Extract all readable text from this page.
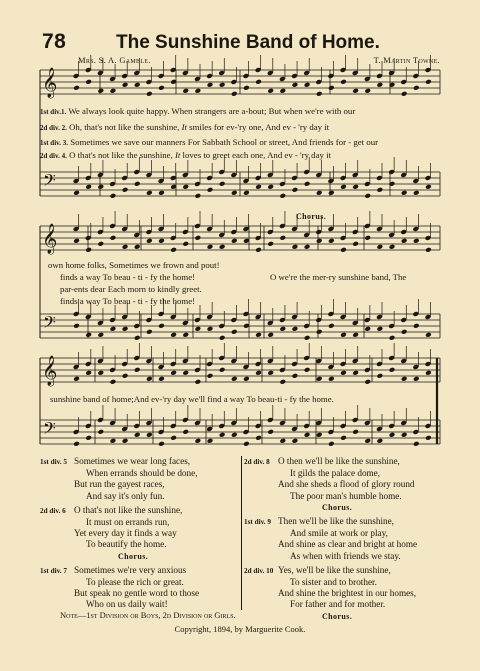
78	The Sunshine Band of Home.
Mrs. S. A. Gamble.	T. Martin Towne.
𝄞
𝄢
𝄞
𝄢
𝄞
𝄢
1st div.1. We always look quite happy. When strangers are a-bout; But when we're with our
2d div. 2. Oh, that's not like the sunshine, It smiles for ev-'ry one, And ev - 'ry day it
1st div. 3. Sometimes we save our manners For Sabbath School or street, And friends for - get our
2d div. 4. O that's not like the sunshine, It loves to greet each one, And ev - 'ry day it
Chorus.
own home folks, Sometimes we frown and pout!
finds a way To beau - ti - fy the home!
par-ents dear Each morn to kindly greet.
finds a way To beau - ti - fy the home!
O we're the mer-ry sunshine band, The
sunshine band of home;And ev-'ry day we'll find a way To beau-ti - fy the home.
1st div. 5 Sometimes we wear long faces,
When errands should be done,
But run the gayest races,
And say it's only fun.
2d div. 6 O that's not like the sunshine,
It must on errands run,
Yet every day it finds a way
To beautify the home.
Chorus.
1st div. 7 Sometimes we're very anxious
To please the rich or great.
But speak no gentle word to those
Who on us daily wait!
2d div. 8 O then we'll be like the sunshine,
It gilds the palace dome,
And she sheds a flood of glory round
The poor man's humble home.
Chorus.
1st div. 9 Then we'll be like the sunshine,
And smile at work or play,
And shine as clear and bright at home
As when with friends we stay.
2d div. 10 Yes, we'll be like the sunshine,
To sister and to brother.
And shine the brightest in our homes,
For father and for mother.
Chorus.
Note—1st Division or Boys, 2d Division or Girls.
Copyright, 1894, by Marguerite Cook.
